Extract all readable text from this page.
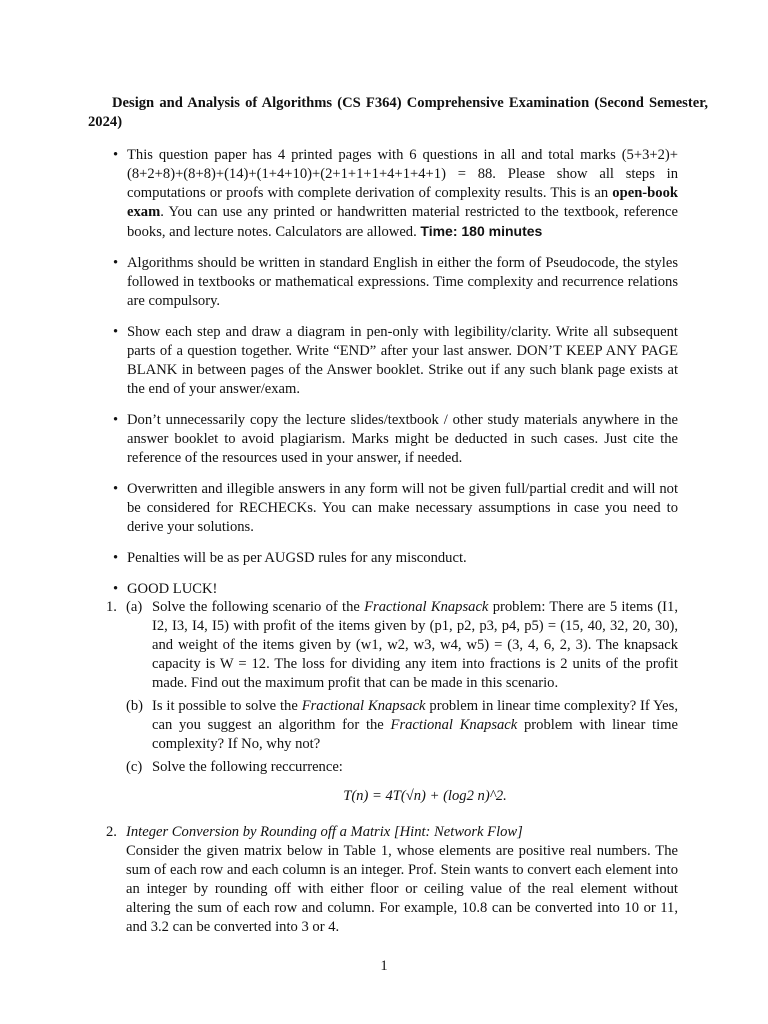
Design and Analysis of Algorithms (CS F364) Comprehensive Examination (Second Semester, 2024)
• This question paper has 4 printed pages with 6 questions in all and total marks (5+3+2)+(8+2+8)+(8+8)+(14)+(1+4+10)+(2+1+1+1+4+1+4+1) = 88. Please show all steps in computations or proofs with complete derivation of complexity results. This is an open-book exam. You can use any printed or handwritten material restricted to the textbook, reference books, and lecture notes. Calculators are allowed. Time: 180 minutes
• Algorithms should be written in standard English in either the form of Pseudocode, the styles followed in textbooks or mathematical expressions. Time complexity and recurrence relations are compulsory.
• Show each step and draw a diagram in pen-only with legibility/clarity. Write all subsequent parts of a question together. Write “END” after your last answer. DON’T KEEP ANY PAGE BLANK in between pages of the Answer booklet. Strike out if any such blank page exists at the end of your answer/exam.
• Don’t unnecessarily copy the lecture slides/textbook / other study materials anywhere in the answer booklet to avoid plagiarism. Marks might be deducted in such cases. Just cite the reference of the resources used in your answer, if needed.
• Overwritten and illegible answers in any form will not be given full/partial credit and will not be considered for RECHECKs. You can make necessary assumptions in case you need to derive your solutions.
• Penalties will be as per AUGSD rules for any misconduct.
• GOOD LUCK!
1. (a) Solve the following scenario of the Fractional Knapsack problem: There are 5 items (I1, I2, I3, I4, I5) with profit of the items given by (p1, p2, p3, p4, p5) = (15, 40, 32, 20, 30), and weight of the items given by (w1, w2, w3, w4, w5) = (3, 4, 6, 2, 3). The knapsack capacity is W = 12. The loss for dividing any item into fractions is 2 units of the profit made. Find out the maximum profit that can be made in this scenario.
(b) Is it possible to solve the Fractional Knapsack problem in linear time complexity? If Yes, can you suggest an algorithm for the Fractional Knapsack problem with linear time complexity? If No, why not?
(c) Solve the following reccurrence:
T(n) = 4T(√n) + (log2 n)^2.
2. Integer Conversion by Rounding off a Matrix [Hint: Network Flow]
Consider the given matrix below in Table 1, whose elements are positive real numbers. The sum of each row and each column is an integer. Prof. Stein wants to convert each element into an integer by rounding off with either floor or ceiling value of the real element without altering the sum of each row and column. For example, 10.8 can be converted into 10 or 11, and 3.2 can be converted into 3 or 4.
1
